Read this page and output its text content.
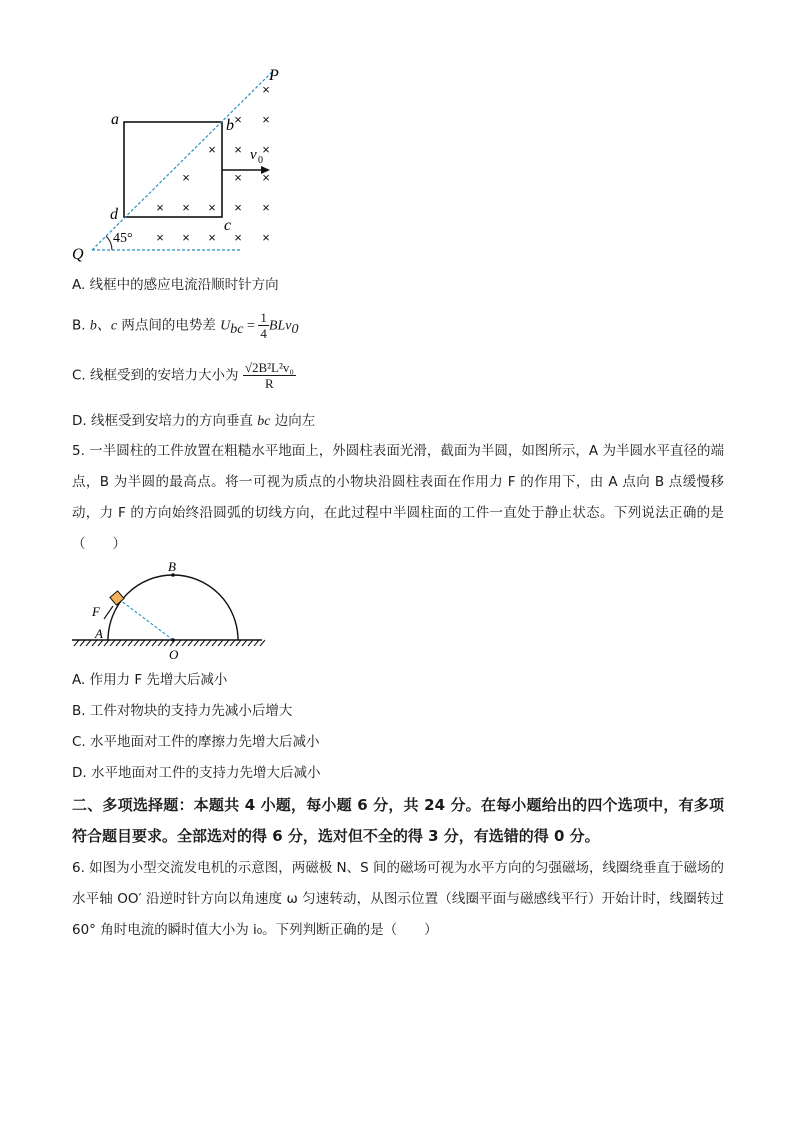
×
× ×
× × ×
×	× ×
× × × × ×
× × × × ×
P
a	b
c
d
Q
v 0
45°
A. 线框中的感应电流沿顺时针方向
B. b、c 两点间的电势差 $U_{bc} = \frac{1}{4} BLv_0$
C. 线框受到的安培力大小为 $\frac{\text{√2B²L²v₀}}{R}$
D. 线框受到安培力的方向垂直 bc 边向左
5. 一半圆柱的工件放置在粗糙水平地面上，外圆柱表面光滑，截面为半圆，如图所示，A 为半圆水平直径的端点，B 为半圆的最高点。将一可视为质点的小物块沿圆柱表面在作用力 F 的作用下，由 A 点向 B 点缓慢移动，力 F 的方向始终沿圆弧的切线方向，在此过程中半圆柱面的工件一直处于静止状态。下列说法正确的是（　　）
B
F
A
O
A. 作用力 F 先增大后减小
B. 工件对物块的支持力先减小后增大
C. 水平地面对工件的摩擦力先增大后减小
D. 水平地面对工件的支持力先增大后减小
二、多项选择题：本题共 4 小题，每小题 6 分，共 24 分。在每小题给出的四个选项中，有多项符合题目要求。全部选对的得 6 分，选对但不全的得 3 分，有选错的得 0 分。
6. 如图为小型交流发电机的示意图，两磁极 N、S 间的磁场可视为水平方向的匀强磁场，线圈绕垂直于磁场的水平轴 OO′ 沿逆时针方向以角速度 ω 匀速转动，从图示位置（线圈平面与磁感线平行）开始计时，线圈转过 60° 角时电流的瞬时值大小为 i₀。下列判断正确的是（　　）
